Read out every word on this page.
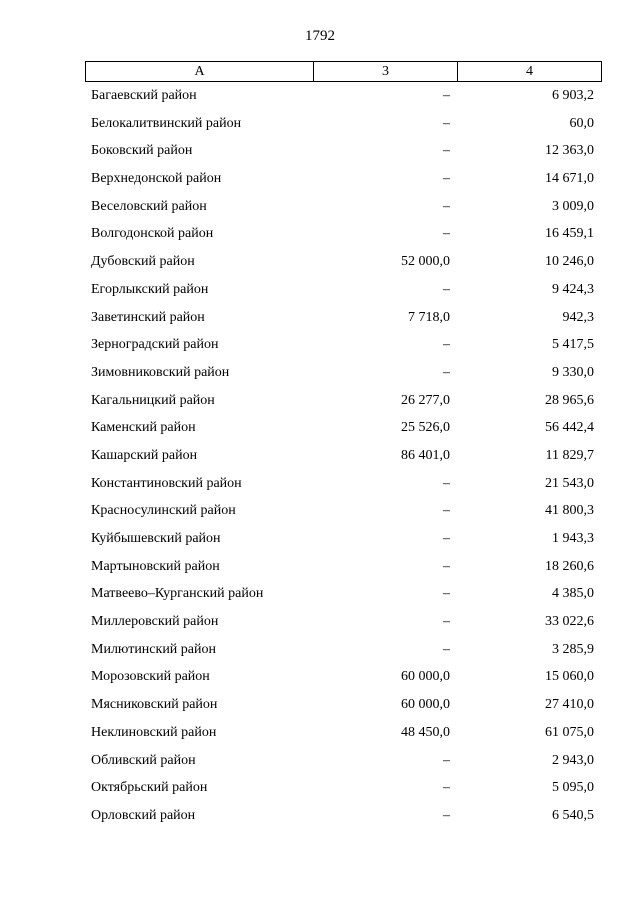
1792
А	3	4
Багаевский район	–	6 903,2
Белокалитвинский район	–	60,0
Боковский район	–	12 363,0
Верхнедонской район	–	14 671,0
Веселовский район	–	3 009,0
Волгодонской район	–	16 459,1
Дубовский район	52 000,0	10 246,0
Егорлыкский район	–	9 424,3
Заветинский район	7 718,0	942,3
Зерноградский район	–	5 417,5
Зимовниковский район	–	9 330,0
Кагальницкий район	26 277,0	28 965,6
Каменский район	25 526,0	56 442,4
Кашарский район	86 401,0	11 829,7
Константиновский район	–	21 543,0
Красносулинский район	–	41 800,3
Куйбышевский район	–	1 943,3
Мартыновский район	–	18 260,6
Матвеево–Курганский район	–	4 385,0
Миллеровский район	–	33 022,6
Милютинский район	–	3 285,9
Морозовский район	60 000,0	15 060,0
Мясниковский район	60 000,0	27 410,0
Неклиновский район	48 450,0	61 075,0
Обливский район	–	2 943,0
Октябрьский район	–	5 095,0
Орловский район	–	6 540,5
